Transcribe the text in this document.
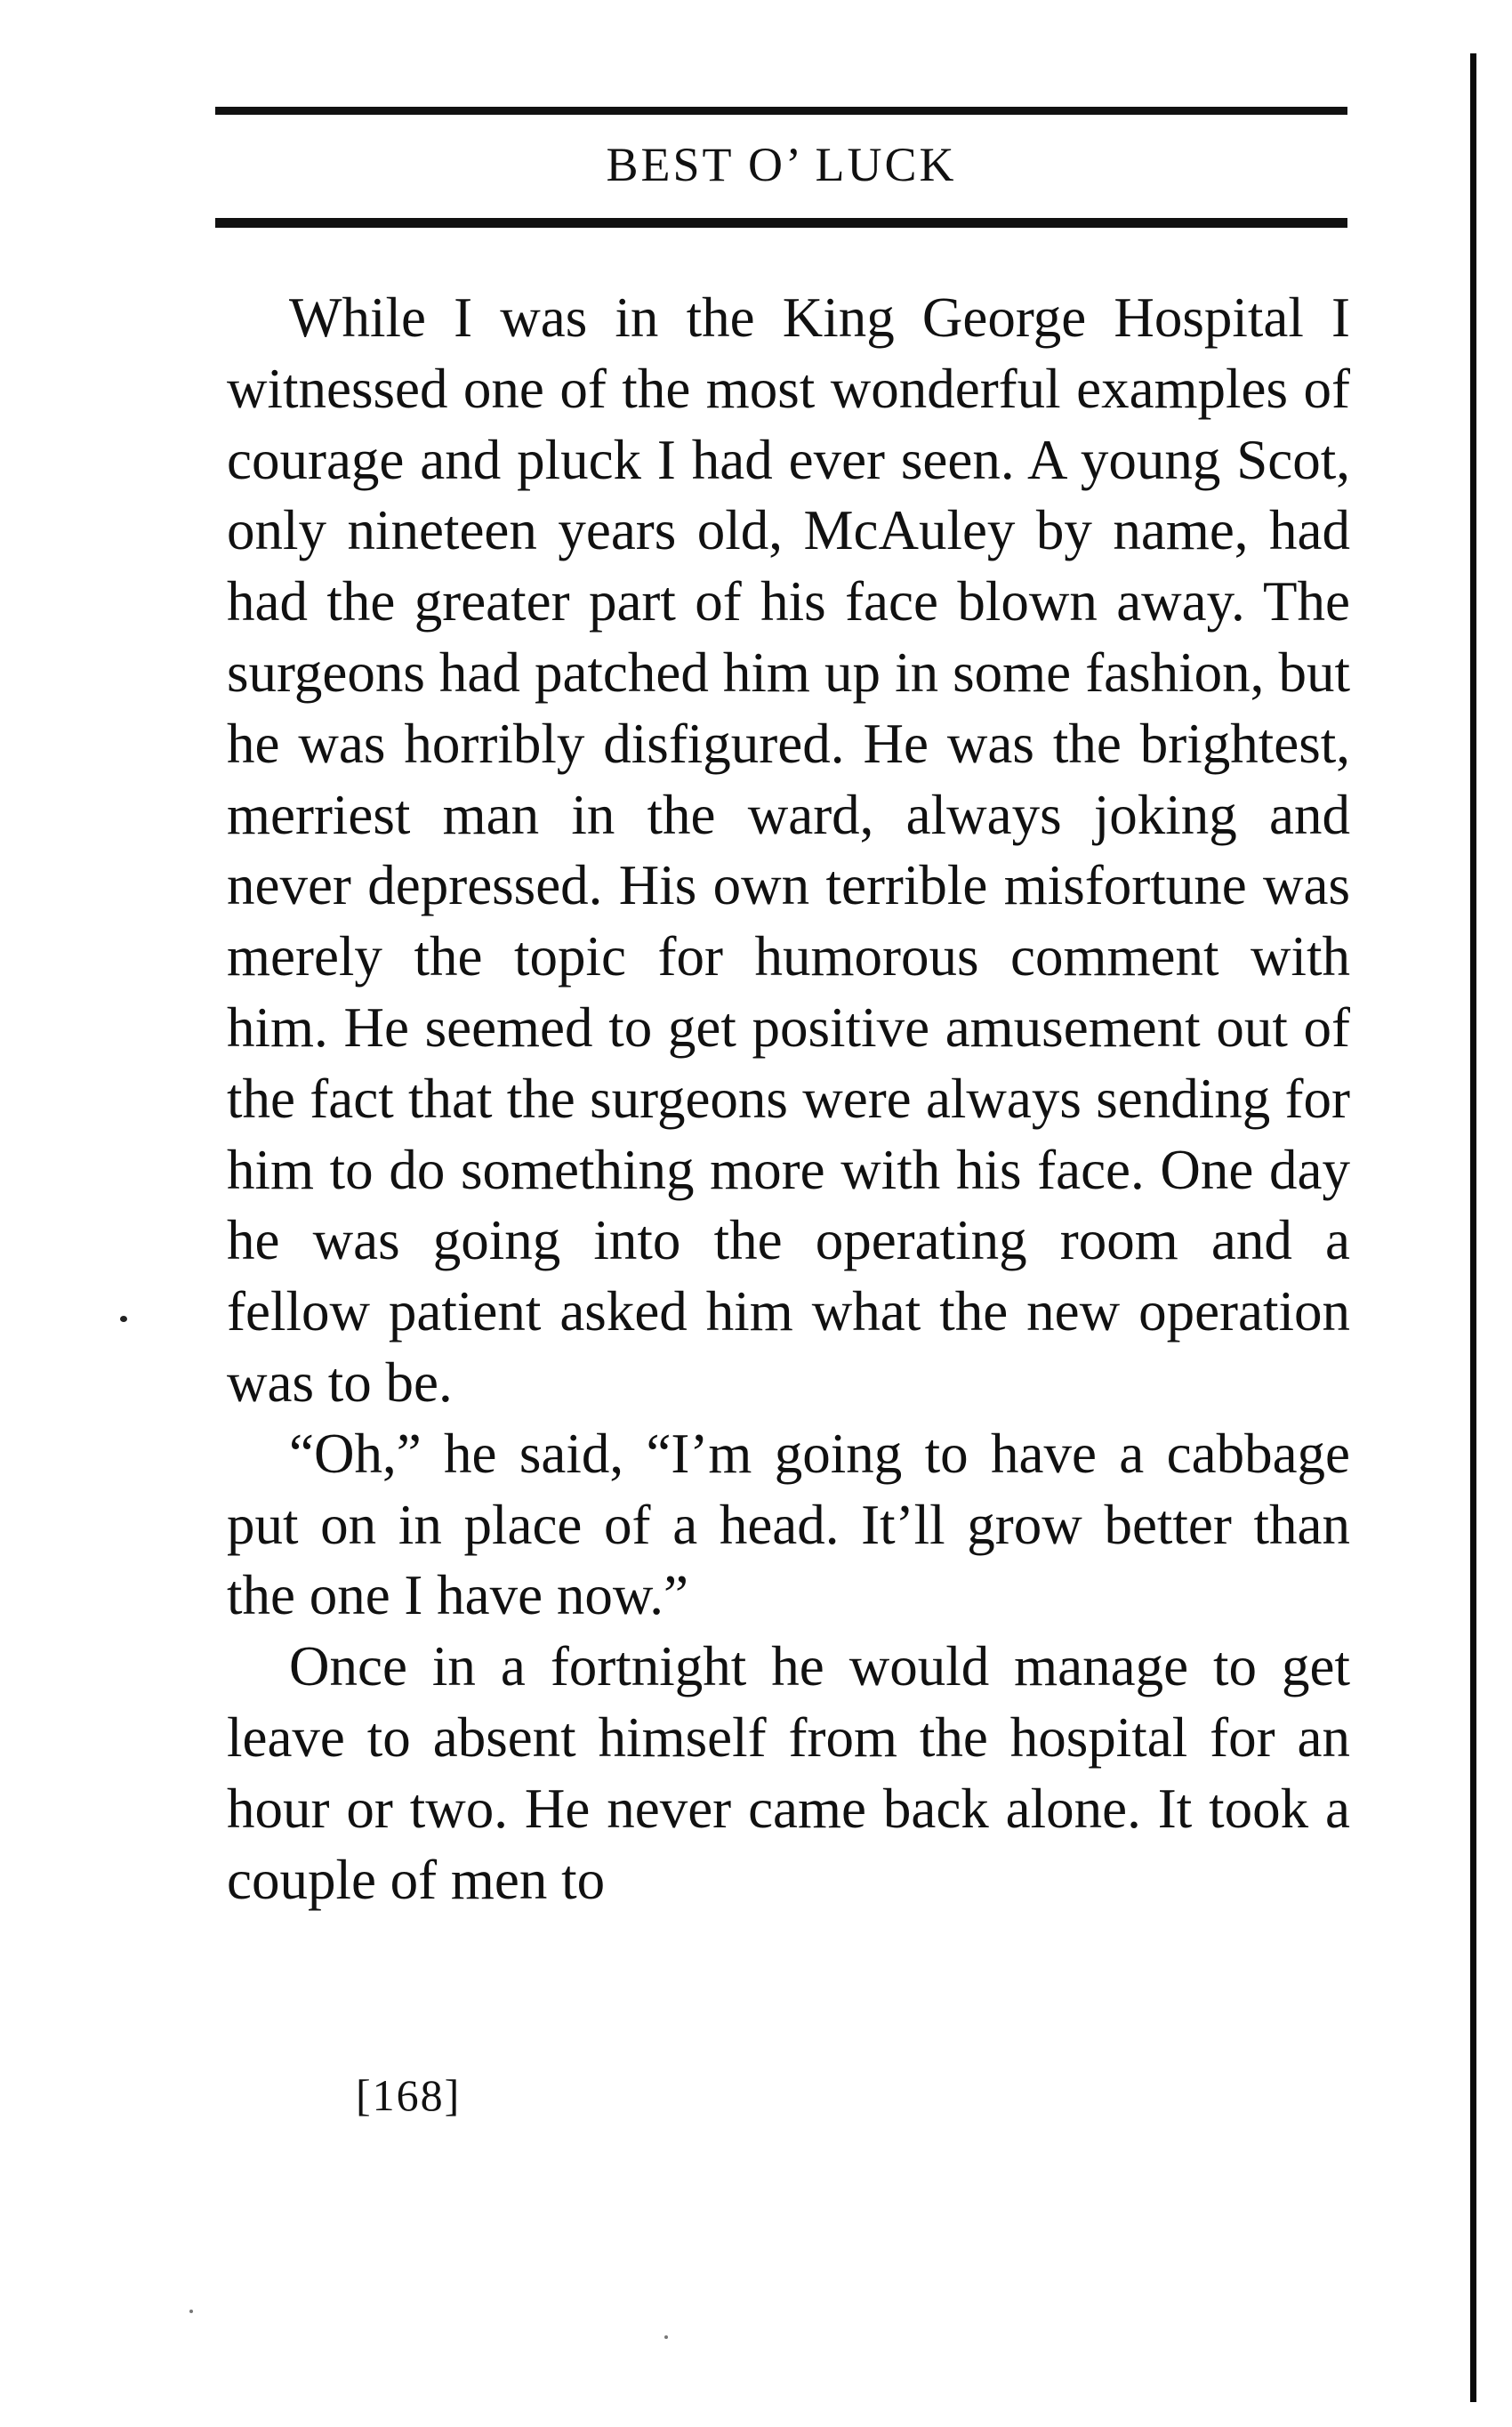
BEST O’ LUCK

While I was in the King George Hospital I witnessed one of the most wonderful examples of courage and pluck I had ever seen. A young Scot, only nineteen years old, McAuley by name, had had the greater part of his face blown away. The surgeons had patched him up in some fashion, but he was horribly disfigured. He was the brightest, merriest man in the ward, always joking and never depressed. His own terrible misfortune was merely the topic for humorous comment with him. He seemed to get positive amusement out of the fact that the surgeons were always sending for him to do something more with his face. One day he was going into the operating room and a fellow patient asked him what the new operation was to be.

“Oh,” he said, “I’m going to have a cabbage put on in place of a head. It’ll grow better than the one I have now.”

Once in a fortnight he would manage to get leave to absent himself from the hospital for an hour or two. He never came back alone. It took a couple of men to

[168]
